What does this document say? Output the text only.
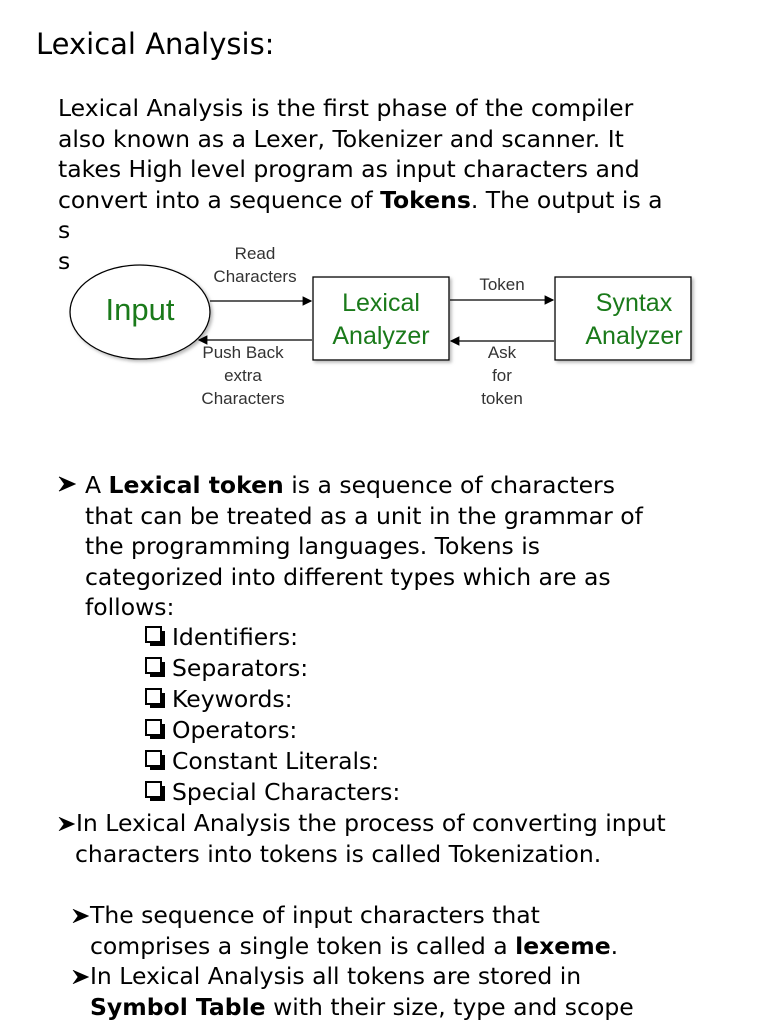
Lexical Analysis:
Lexical Analysis is the first phase of the compiler
also known as a Lexer, Tokenizer and scanner. It
takes High level program as input characters and
convert into a sequence of Tokens. The output is a
s
s
Input
Read
Characters
Push Back
extra
Characters
Lexical
Analyzer
Token
Ask
for
token
Syntax
Analyzer
A Lexical token is a sequence of characters
that can be treated as a unit in the grammar of
the programming languages. Tokens is
categorized into different types which are as
follows:
Identifiers:
Separators:
Keywords:
Operators:
Constant Literals:
Special Characters:
In Lexical Analysis the process of converting input
characters into tokens is called Tokenization.
The sequence of input characters that
comprises a single token is called a lexeme.
In Lexical Analysis all tokens are stored in
Symbol Table with their size, type and scope
